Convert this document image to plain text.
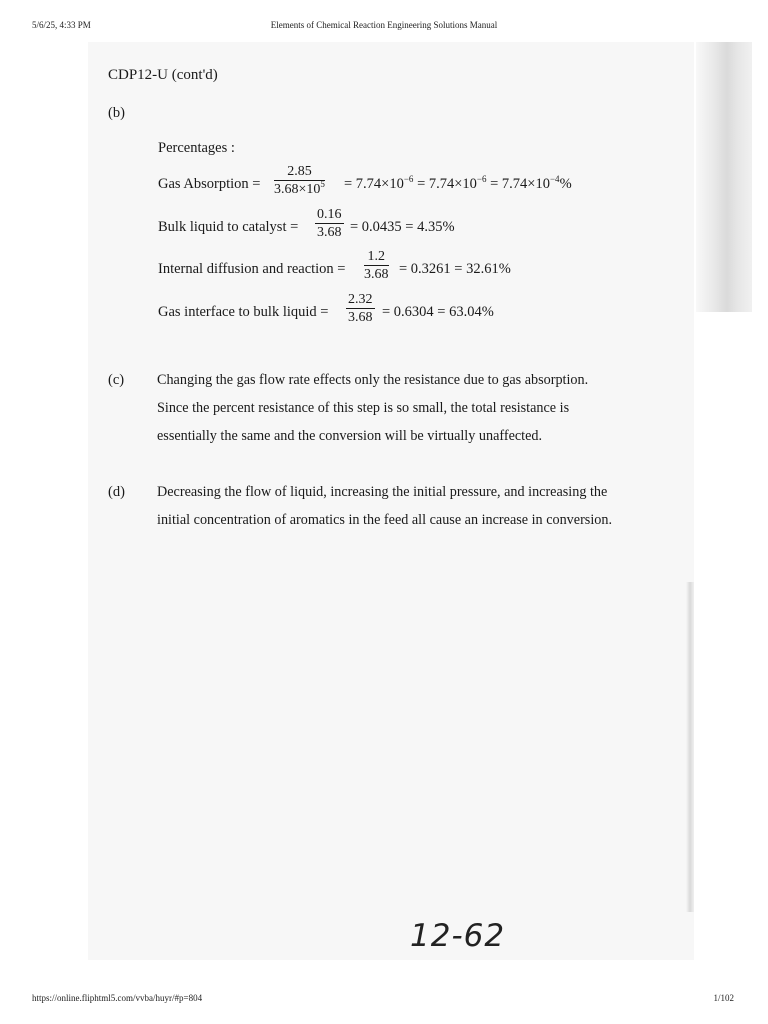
5/6/25, 4:33 PM	Elements of Chemical Reaction Engineering Solutions Manual
CDP12-U (cont'd)
(b)
Percentages :
Gas Absorption = $\frac{2.85}{3.68\times 10^5} = 7.74\times 10^{-6} = 7.74\times 10^{-6} = 7.74\times 10^{-4}\%$
Bulk liquid to catalyst = $\frac{0.16}{3.68} = 0.0435 = 4.35\%$
Internal diffusion and reaction = $\frac{1.2}{3.68} = 0.3261 = 32.61\%$
Gas interface to bulk liquid = $\frac{2.32}{3.68} = 0.6304 = 63.04\%$
(c) Changing the gas flow rate effects only the resistance due to gas absorption.
Since the percent resistance of this step is so small, the total resistance is
essentially the same and the conversion will be virtually unaffected.
(d) Decreasing the flow of liquid, increasing the initial pressure, and increasing the
initial concentration of aromatics in the feed all cause an increase in conversion.
12-62
https://online.fliphtml5.com/vvba/huyr/#p=804	1/102
